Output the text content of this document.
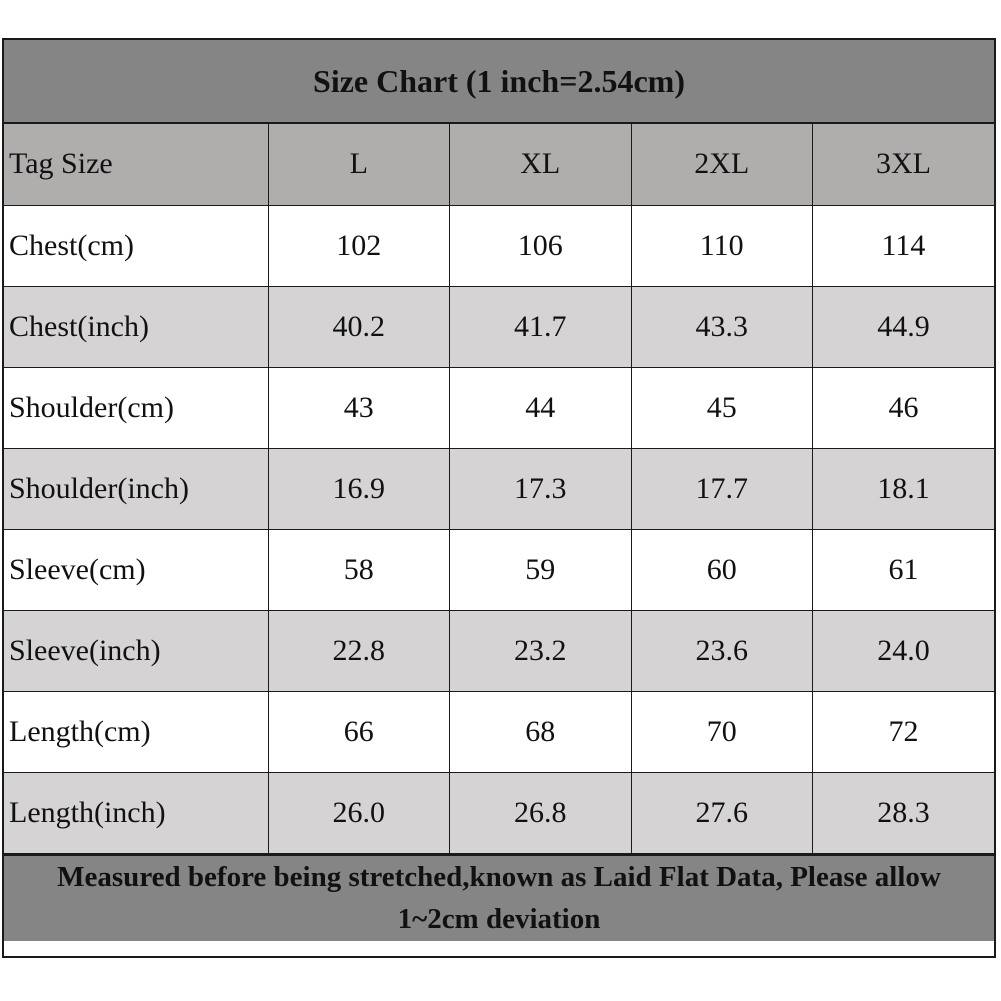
Size Chart (1 inch=2.54cm)
Tag Size	L	XL	2XL	3XL
Chest(cm)	102	106	110	114
Chest(inch)	40.2	41.7	43.3	44.9
Shoulder(cm)	43	44	45	46
Shoulder(inch)	16.9	17.3	17.7	18.1
Sleeve(cm)	58	59	60	61
Sleeve(inch)	22.8	23.2	23.6	24.0
Length(cm)	66	68	70	72
Length(inch)	26.0	26.8	27.6	28.3
Measured before being stretched,known as Laid Flat Data, Please allow 1~2cm deviation
